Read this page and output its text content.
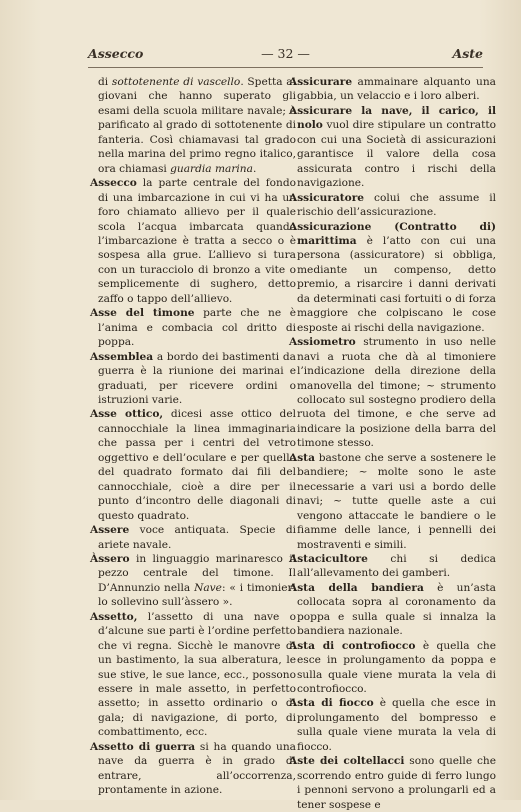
Assecco	— 32 —	Aste

di sottotenente di vascello. Spetta ai giovani che hanno superato gli esami della scuola militare navale; è parificato al grado di sottotenente di fanteria. Così chiamavasi tal grado nella marina del primo regno italico, ora chiamasi guardia marina.

Assecco la parte centrale del fondo di una imbarcazione in cui vi ha un foro chiamato allievo per il quale scola l’acqua imbarcata quando l’imbarcazione è tratta a secco o è sospesa alla grue. L’allievo si tura con un turacciolo di bronzo a vite o semplicemente di sughero, detto zaffo o tappo dell’allievo.

Asse del timone parte che ne è l’anima e combacia col dritto di poppa.

Assemblea a bordo dei bastimenti da guerra è la riunione dei marinai e graduati, per ricevere ordini o istruzioni varie.

Asse ottico, dicesi asse ottico del cannocchiale la linea immaginaria che passa per i centri del vetro oggettivo e dell’oculare e per quello del quadrato formato dai fili del cannocchiale, cioè a dire per il punto d’incontro delle diagonali di questo quadrato.

Assere voce antiquata. Specie di ariete navale.

Àssero in linguaggio marinaresco il pezzo centrale del timone. Il D’Annunzio nella Nave: « i timonieri lo sollevino sull’àssero ».

Assetto, l’assetto di una nave o d’alcune sue parti è l’ordine perfetto che vi regna. Sicchè le manovre di un bastimento, la sua alberatura, le sue stive, le sue lance, ecc., possono essere in male assetto, in perfetto assetto; in assetto ordinario o di gala; di navigazione, di porto, di combattimento, ecc.

Assetto di guerra si ha quando una nave da guerra è in grado di entrare, all’occorrenza, prontamente in azione.

Assicurare ammainare alquanto una gabbia, un velaccio e i loro alberi.

Assicurare la nave, il carico, il nolo vuol dire stipulare un contratto con cui una Società di assicurazioni garantisce il valore della cosa assicurata contro i rischi della navigazione.

Assicuratore colui che assume il rischio dell’assicurazione.

Assicurazione (Contratto di) marittima è l’atto con cui una persona (assicuratore) si obbliga, mediante un compenso, detto premio, a risarcire i danni derivati da determinati casi fortuiti o di forza maggiore che colpiscano le cose esposte ai rischi della navigazione.

Assiometro strumento in uso nelle navi a ruota che dà al timoniere l’indicazione della direzione della manovella del timone; ~ strumento collocato sul sostegno prodiero della ruota del timone, e che serve ad indicare la posizione della barra del timone stesso.

Asta bastone che serve a sostenere le bandiere; ~ molte sono le aste necessarie a vari usi a bordo delle navi; ~ tutte quelle aste a cui vengono attaccate le bandiere o le fiamme delle lance, i pennelli dei mostraventi e simili.

Astacicultore chi si dedica all’allevamento dei gamberi.

Asta della bandiera è un’asta collocata sopra al coronamento da poppa e sulla quale si innalza la bandiera nazionale.

Asta di controfiocco è quella che esce in prolungamento da poppa e sulla quale viene murata la vela di controfiocco.

Asta di fiocco è quella che esce in prolungamento del bompresso e sulla quale viene murata la vela di fiocco.

Aste dei coltellacci sono quelle che scorrendo entro guide di ferro lungo i pennoni servono a prolungarli ed a tener sospese e
